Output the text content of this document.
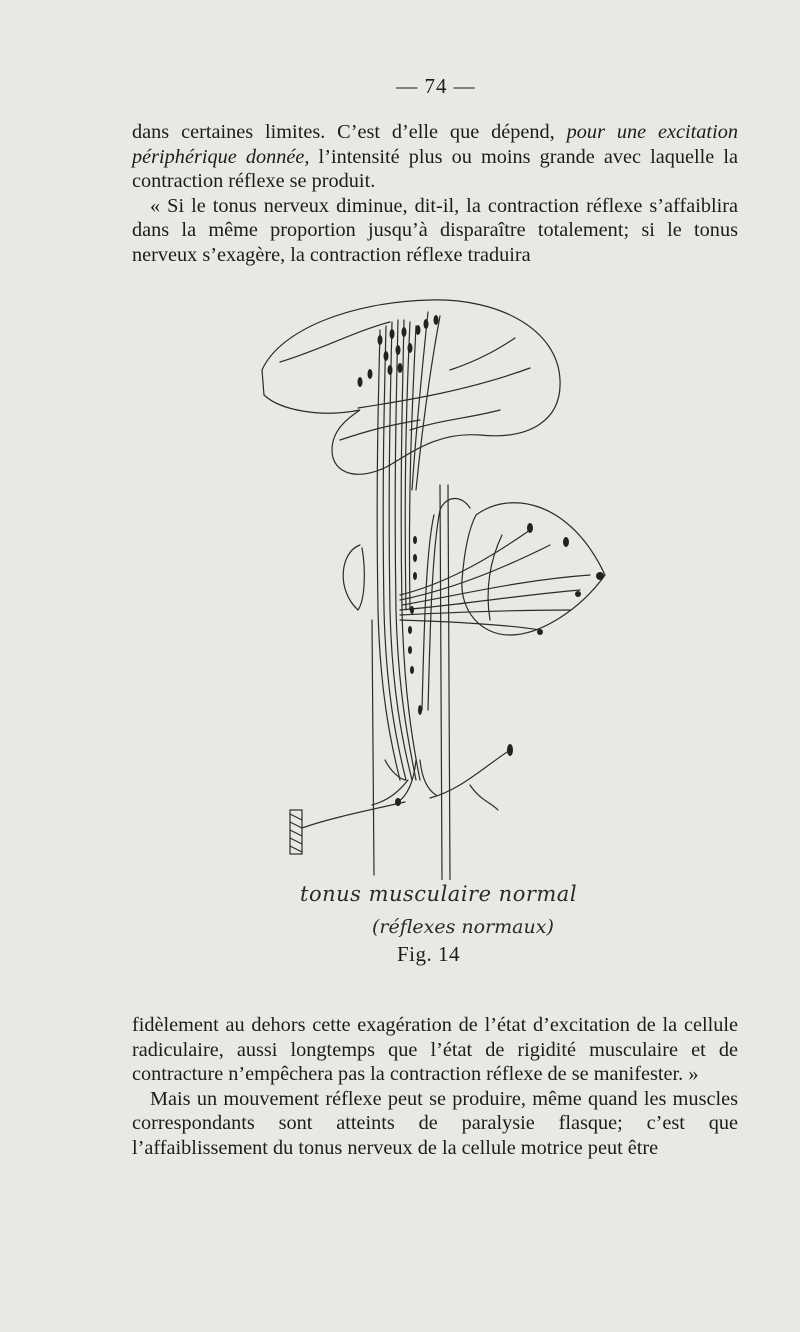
— 74 —

dans certaines limites. C’est d’elle que dépend, pour une excitation périphérique donnée, l’intensité plus ou moins grande avec laquelle la contraction réflexe se produit.

« Si le tonus nerveux diminue, dit-il, la contraction réflexe s’affaiblira dans la même proportion jusqu’à disparaître totalement; si le tonus nerveux s’exagère, la contraction réflexe traduira

tonus musculaire normal
(réflexes normaux)
Fig. 14

fidèlement au dehors cette exagération de l’état d’excitation de la cellule radiculaire, aussi longtemps que l’état de rigidité musculaire et de contracture n’empêchera pas la contraction réflexe de se manifester. »

Mais un mouvement réflexe peut se produire, même quand les muscles correspondants sont atteints de paralysie flasque; c’est que l’affaiblissement du tonus nerveux de la cellule motrice peut être
